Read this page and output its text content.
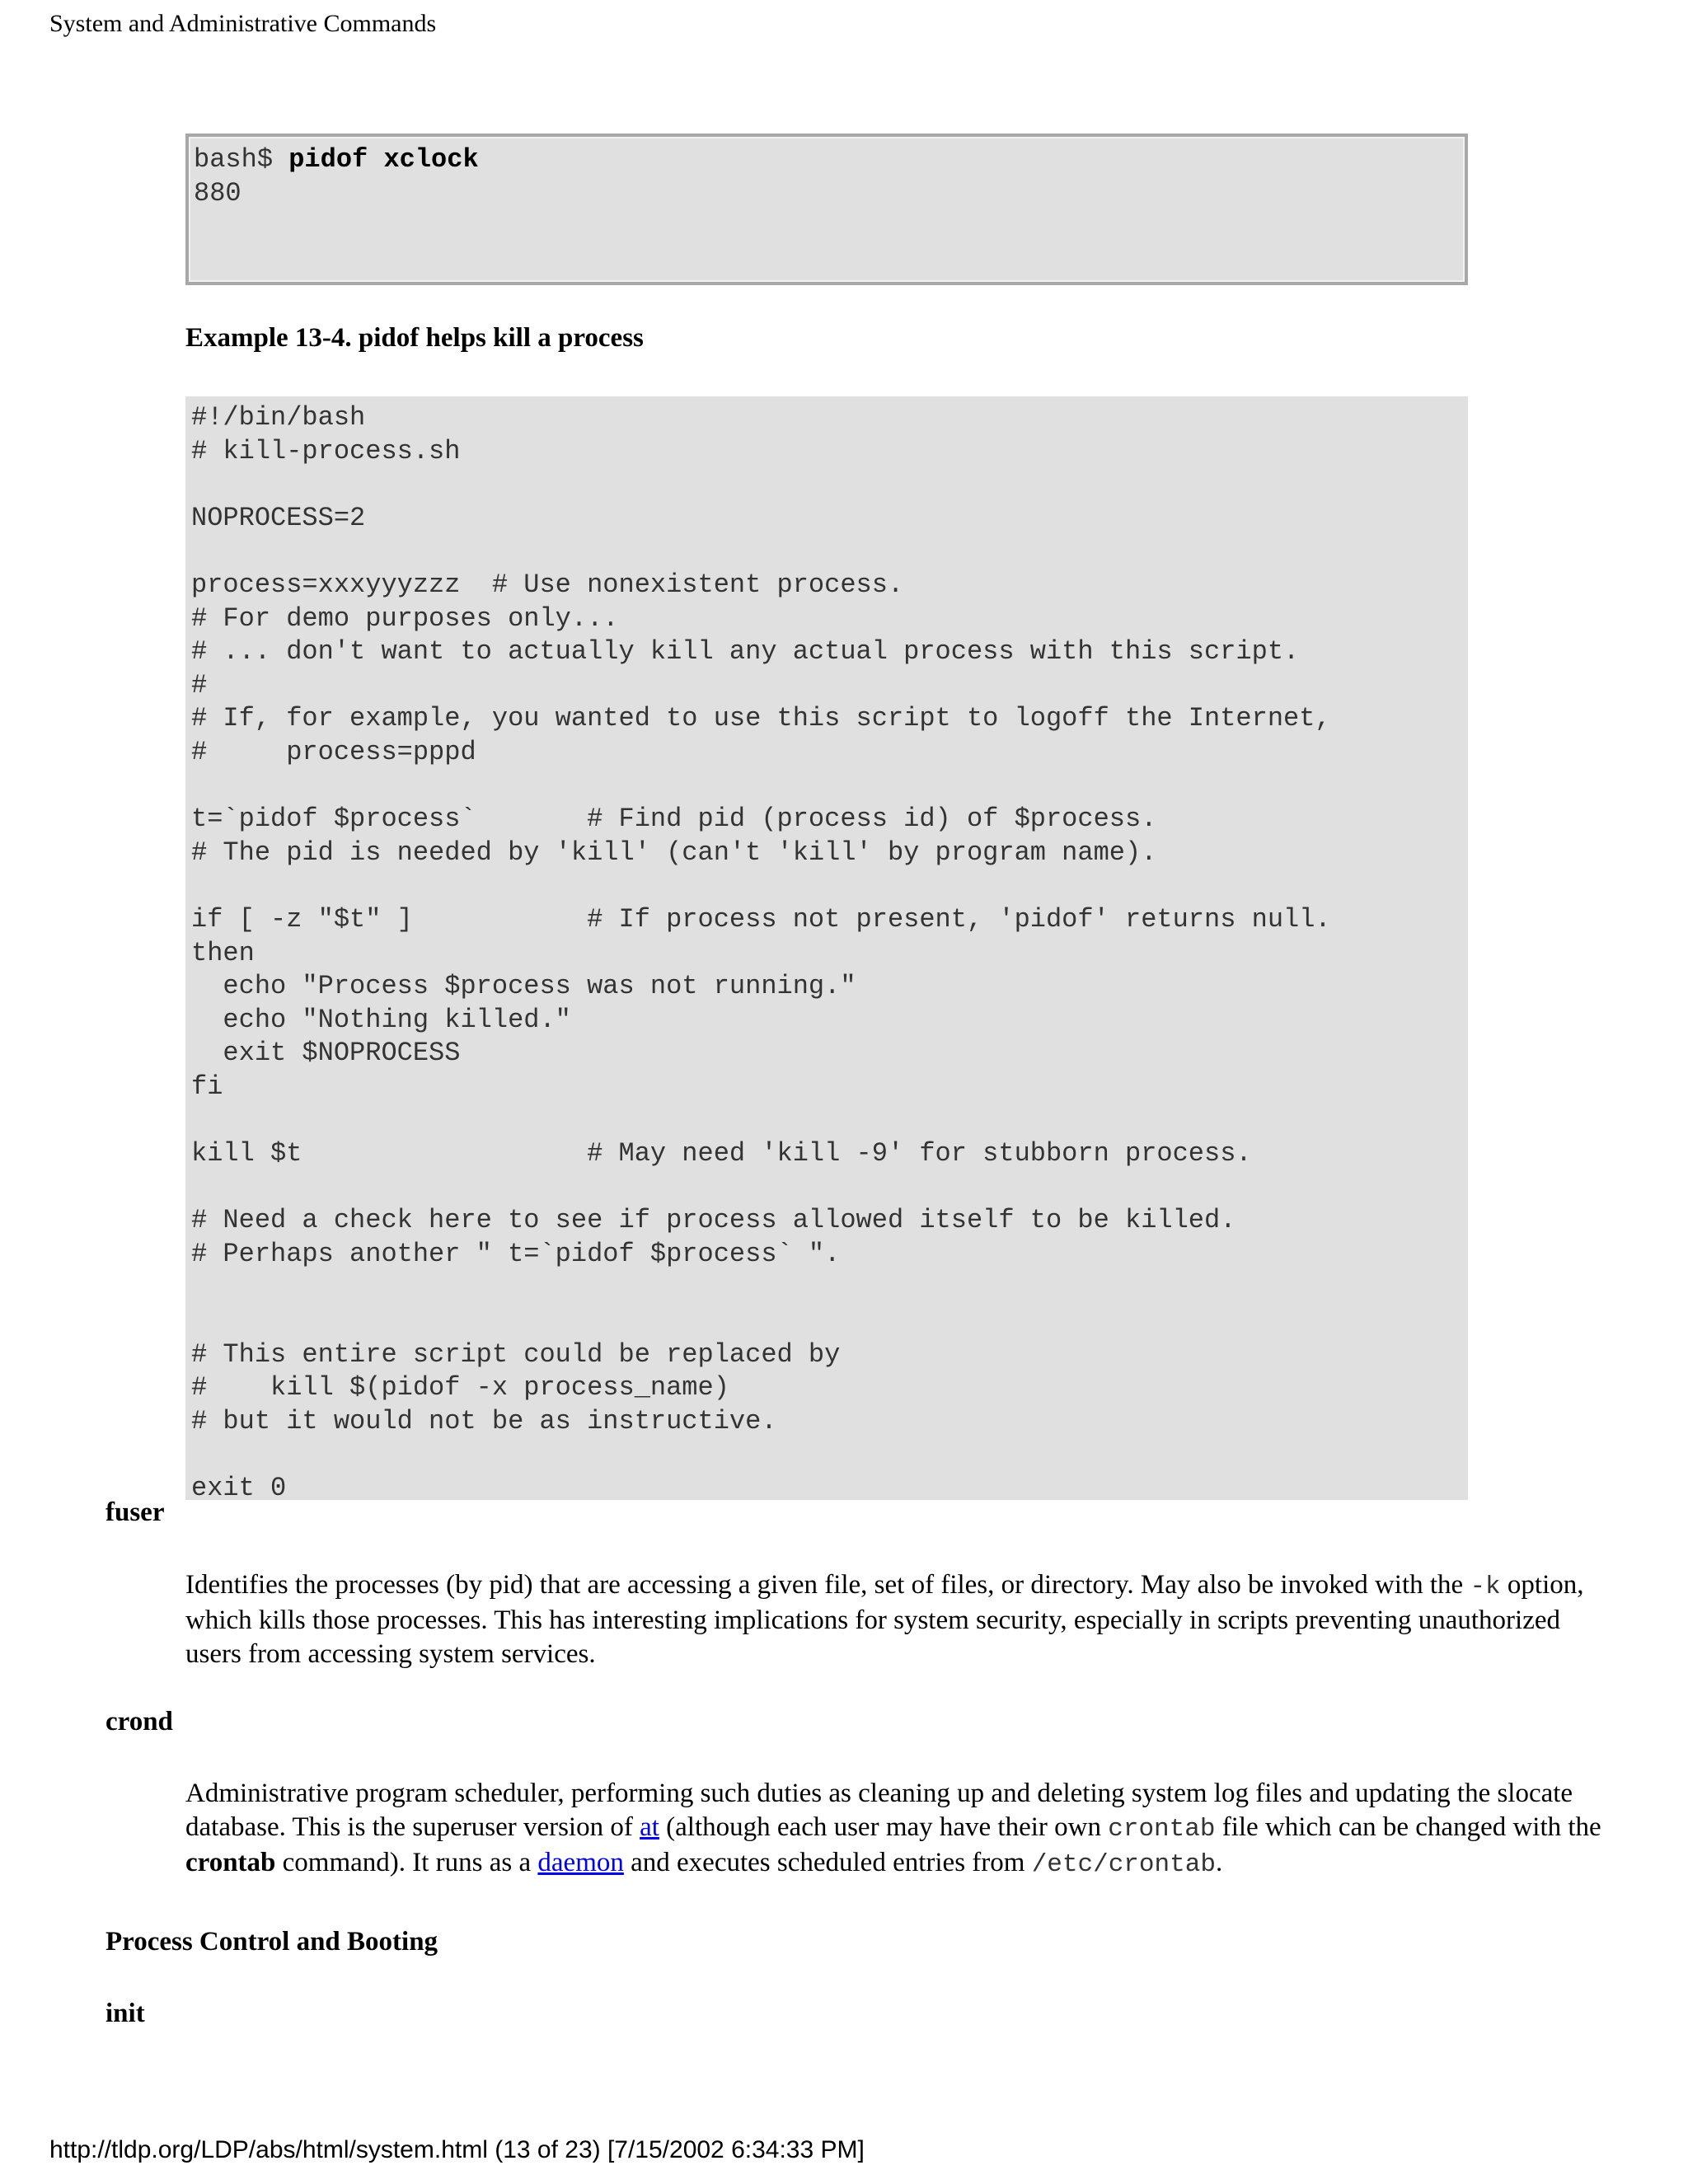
System and Administrative Commands
bash$ pidof xclock
880
Example 13-4. pidof helps kill a process
#!/bin/bash
# kill-process.sh

NOPROCESS=2

process=xxxyyyzzz  # Use nonexistent process.
# For demo purposes only...
# ... don't want to actually kill any actual process with this script.
#
# If, for example, you wanted to use this script to logoff the Internet,
#     process=pppd

t=`pidof $process`       # Find pid (process id) of $process.
# The pid is needed by 'kill' (can't 'kill' by program name).

if [ -z "$t" ]           # If process not present, 'pidof' returns null.
then
echo "Process $process was not running."
echo "Nothing killed."
exit $NOPROCESS
fi

kill $t                  # May need 'kill -9' for stubborn process.

# Need a check here to see if process allowed itself to be killed.
# Perhaps another " t=`pidof $process` ".

# This entire script could be replaced by
#    kill $(pidof -x process_name)
# but it would not be as instructive.

exit 0
fuser
Identifies the processes (by pid) that are accessing a given file, set of files, or directory. May also be invoked with the -k option, which kills those processes. This has interesting implications for system security, especially in scripts preventing unauthorized users from accessing system services.
crond
Administrative program scheduler, performing such duties as cleaning up and deleting system log files and updating the slocate database. This is the superuser version of at (although each user may have their own crontab file which can be changed with the crontab command). It runs as a daemon and executes scheduled entries from /etc/crontab.
Process Control and Booting
init
http://tldp.org/LDP/abs/html/system.html (13 of 23) [7/15/2002 6:34:33 PM]
